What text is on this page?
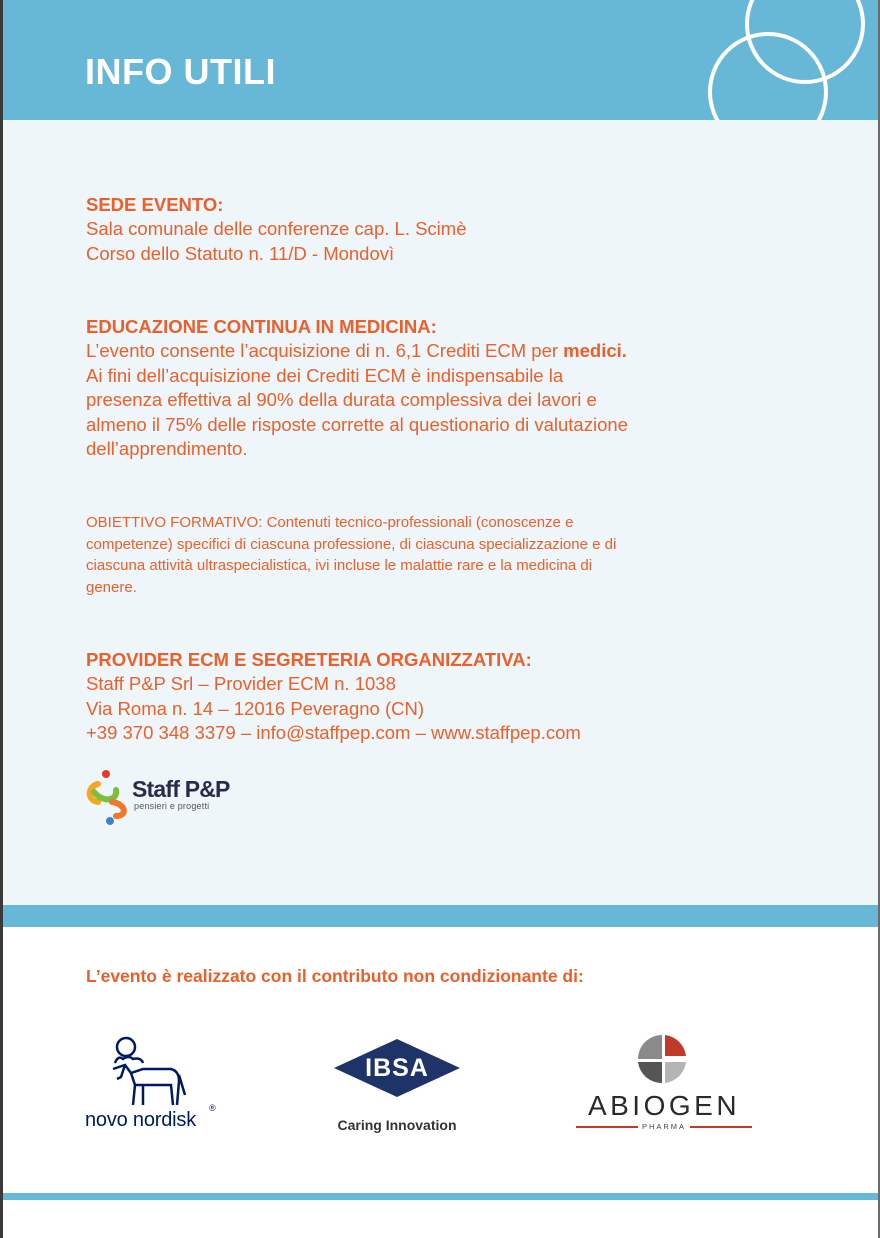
INFO UTILI
SEDE EVENTO:
Sala comunale delle conferenze cap. L. Scimè
Corso dello Statuto n. 11/D - Mondovì
EDUCAZIONE CONTINUA IN MEDICINA:
L’evento consente l’acquisizione di n. 6,1 Crediti ECM per medici.
Ai fini dell’acquisizione dei Crediti ECM è indispensabile la
presenza effettiva al 90% della durata complessiva dei lavori e
almeno il 75% delle risposte corrette al questionario di valutazione
dell’apprendimento.
OBIETTIVO FORMATIVO: Contenuti tecnico-professionali (conoscenze e
competenze) specifici di ciascuna professione, di ciascuna specializzazione e di
ciascuna attività ultraspecialistica, ivi incluse le malattie rare e la medicina di
genere.
PROVIDER ECM E SEGRETERIA ORGANIZZATIVA:
Staff P&P Srl – Provider ECM n. 1038
Via Roma n. 14 – 12016 Peveragno (CN)
+39 370 348 3379 – info@staffpep.com – www.staffpep.com
Staff P&P
pensieri e progetti

L’evento è realizzato con il contributo non condizionante di:

novo nordisk
®
IBSA
Caring Innovation
ABIOGEN
PHARMA
